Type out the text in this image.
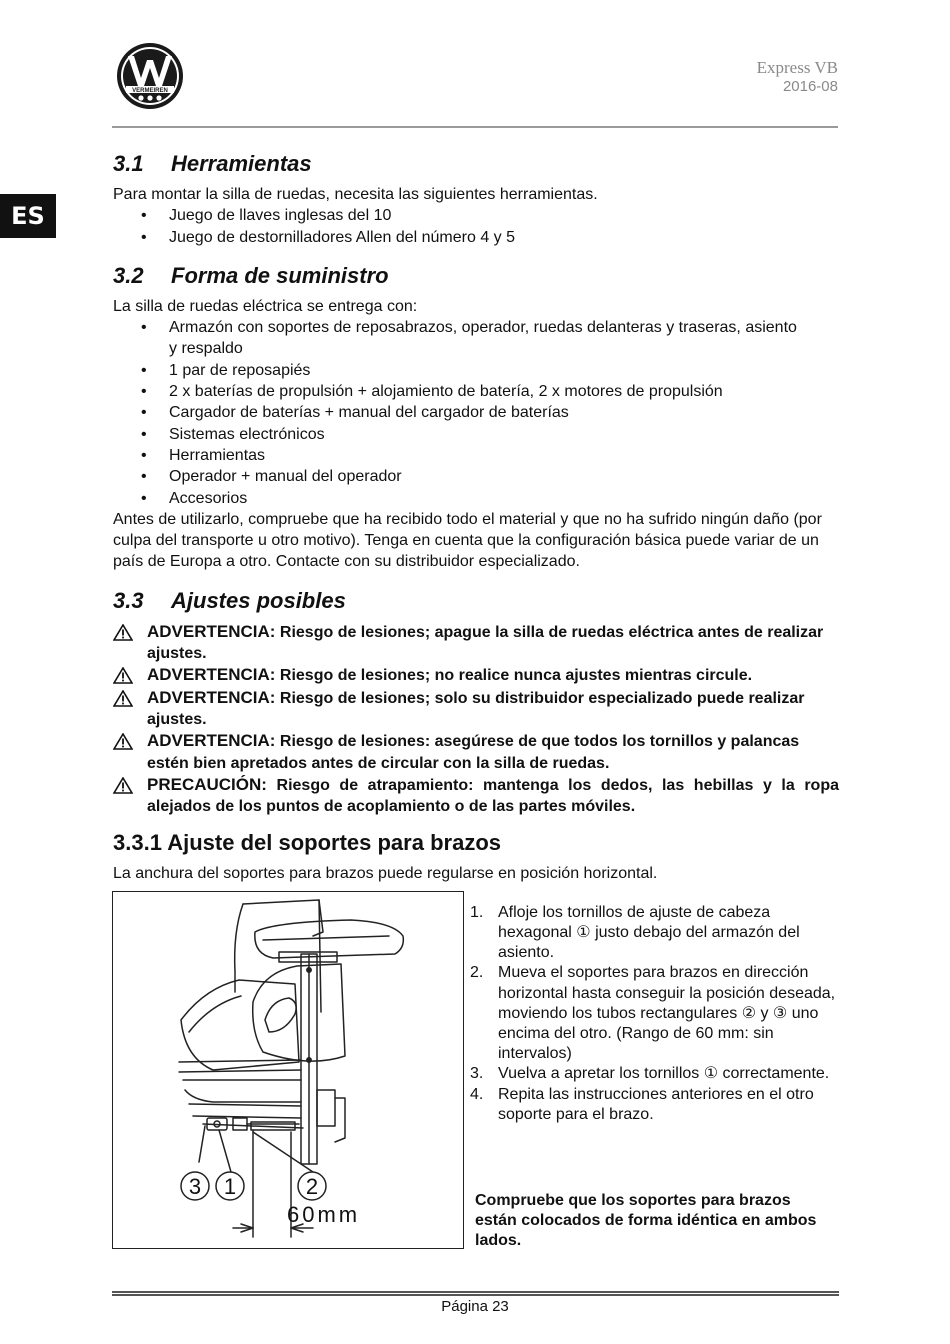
VERMEIREN
Express VB
2016-08
ES
3.1 Herramientas

Para montar la silla de ruedas, necesita las siguientes herramientas.

• Juego de llaves inglesas del 10
• Juego de destornilladores Allen del número 4 y 5
3.2 Forma de suministro

La silla de ruedas eléctrica se entrega con:

• Armazón con soportes de reposabrazos, operador, ruedas delanteras y traseras, asiento y respaldo
• 1 par de reposapiés
• 2 x baterías de propulsión + alojamiento de batería, 2 x motores de propulsión
• Cargador de baterías + manual del cargador de baterías
• Sistemas electrónicos
• Herramientas
• Operador + manual del operador
• Accesorios

Antes de utilizarlo, compruebe que ha recibido todo el material y que no ha sufrido ningún daño (por culpa del transporte u otro motivo). Tenga en cuenta que la configuración básica puede variar de un país de Europa a otro. Contacte con su distribuidor especializado.

3.3 Ajustes posibles
ADVERTENCIA: Riesgo de lesiones; apague la silla de ruedas eléctrica antes de realizar ajustes.
ADVERTENCIA: Riesgo de lesiones; no realice nunca ajustes mientras circule.
ADVERTENCIA: Riesgo de lesiones; solo su distribuidor especializado puede realizar ajustes.
ADVERTENCIA: Riesgo de lesiones: asegúrese de que todos los tornillos y palancas estén bien apretados antes de circular con la silla de ruedas.
PRECAUCIÓN: Riesgo de atrapamiento: mantenga los dedos, las hebillas y la ropa alejados de los puntos de acoplamiento o de las partes móviles.
3.3.1 Ajuste del soportes para brazos

La anchura del soportes para brazos puede regularse en posición horizontal.

3 1	2
60mm
1. Afloje los tornillos de ajuste de cabeza hexagonal ① justo debajo del armazón del asiento.
2. Mueva el soportes para brazos en dirección horizontal hasta conseguir la posición deseada, moviendo los tubos rectangulares ② y ③ uno encima del otro. (Rango de 60 mm: sin intervalos)
3. Vuelva a apretar los tornillos ① correctamente.
4. Repita las instrucciones anteriores en el otro soporte para el brazo.

Compruebe que los soportes para brazos están colocados de forma idéntica en ambos lados.

Página 23
